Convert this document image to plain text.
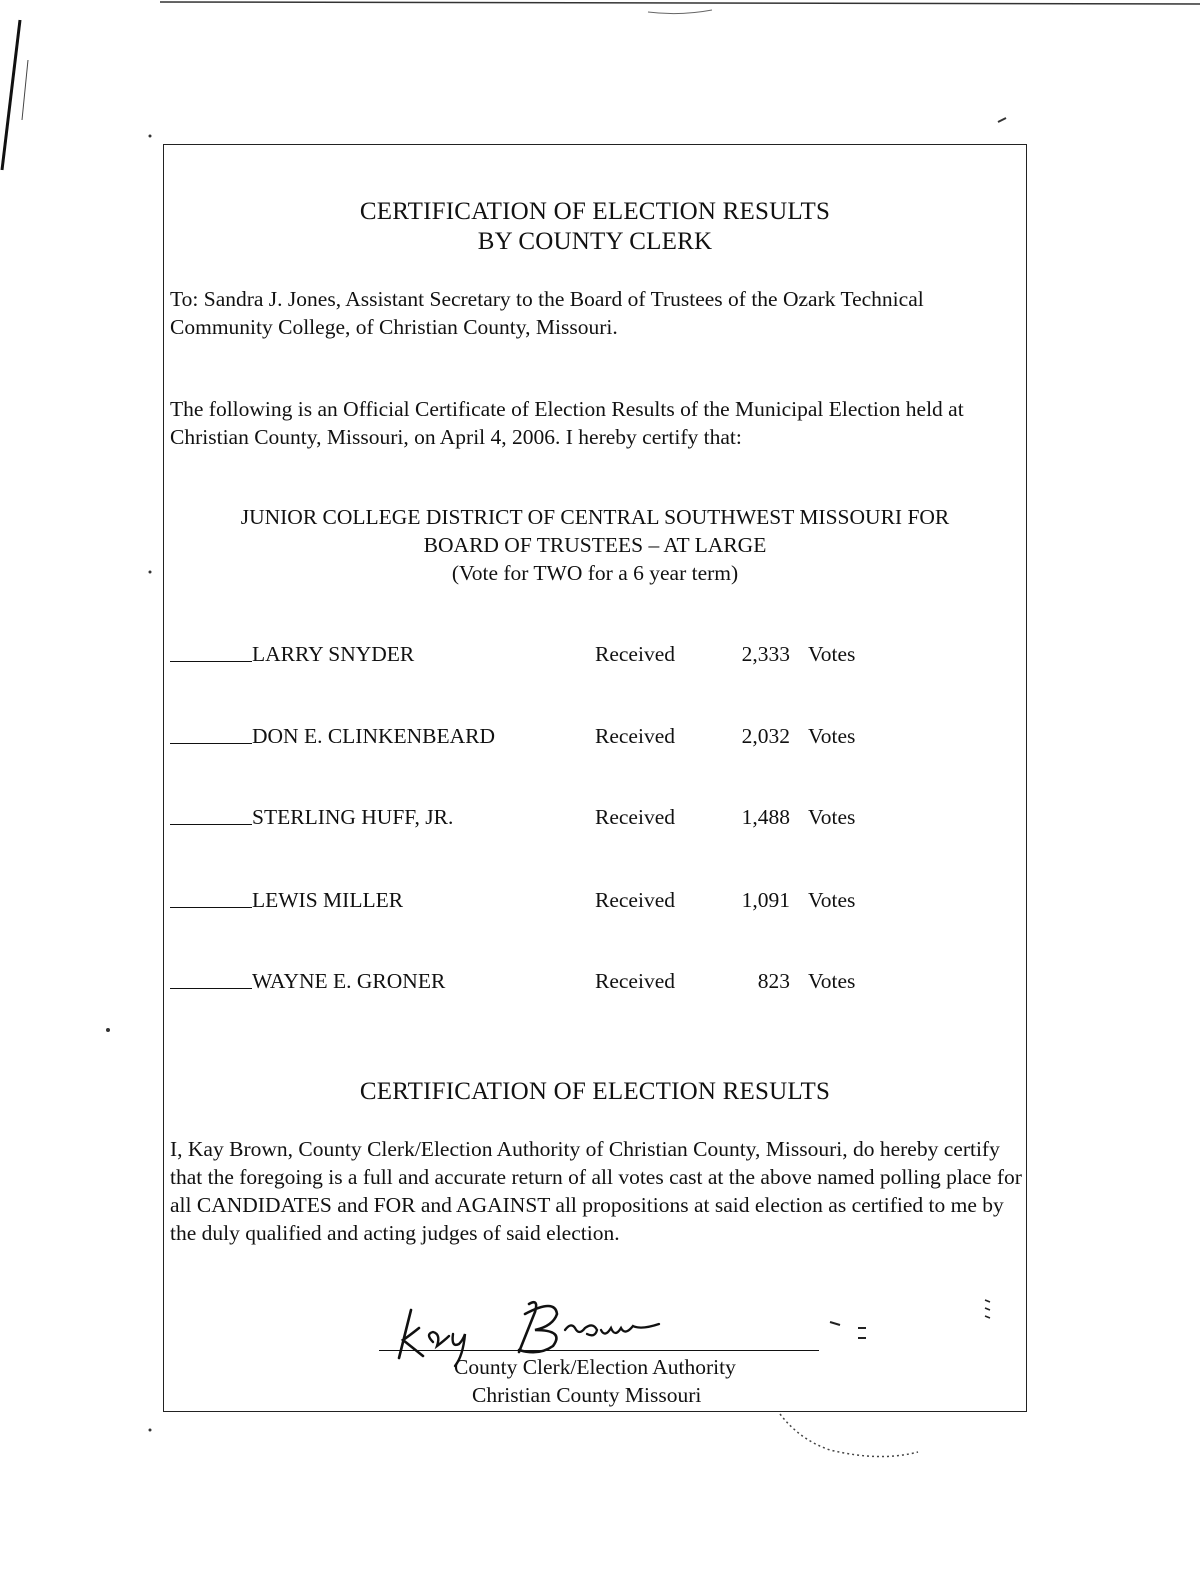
CERTIFICATION OF ELECTION RESULTS
BY COUNTY CLERK
To: Sandra J. Jones, Assistant Secretary to the Board of Trustees of the Ozark Technical Community College, of Christian County, Missouri.
The following is an Official Certificate of Election Results of the Municipal Election held at Christian County, Missouri, on April 4, 2006. I hereby certify that:
JUNIOR COLLEGE DISTRICT OF CENTRAL SOUTHWEST MISSOURI FOR
BOARD OF TRUSTEES – AT LARGE
(Vote for TWO for a 6 year term)
LARRY SNYDER	Received	2,333 Votes
DON E. CLINKENBEARD	Received	2,032 Votes
STERLING HUFF, JR.	Received	1,488 Votes
LEWIS MILLER	Received	1,091 Votes
WAYNE E. GRONER	Received	823 Votes
CERTIFICATION OF ELECTION RESULTS
I, Kay Brown, County Clerk/Election Authority of Christian County, Missouri, do hereby certify that the foregoing is a full and accurate return of all votes cast at the above named polling place for all CANDIDATES and FOR and AGAINST all propositions at said election as certified to me by the duly qualified and acting judges of said election.
County Clerk/Election Authority
Christian County Missouri
